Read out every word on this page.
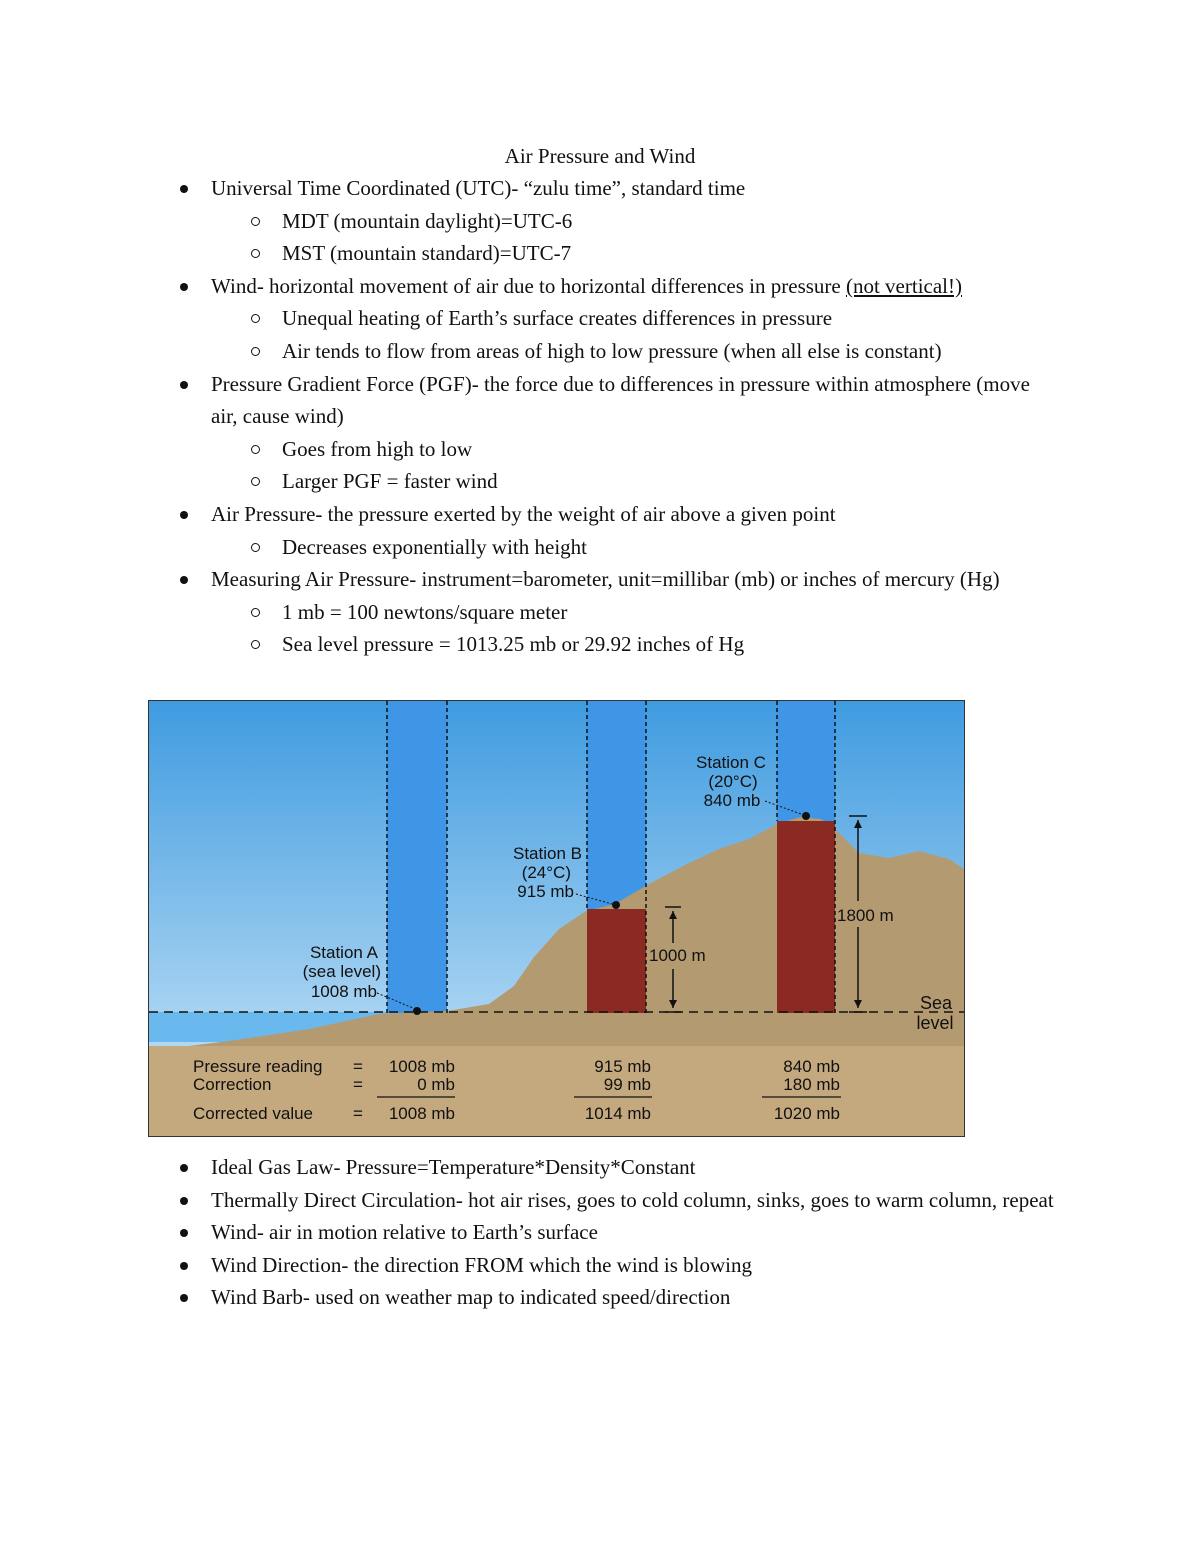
Air Pressure and Wind
Universal Time Coordinated (UTC)- “zulu time”, standard time
MDT (mountain daylight)=UTC-6
MST (mountain standard)=UTC-7
Wind- horizontal movement of air due to horizontal differences in pressure (not vertical!)
Unequal heating of Earth’s surface creates differences in pressure
Air tends to flow from areas of high to low pressure (when all else is constant)
Pressure Gradient Force (PGF)- the force due to differences in pressure within atmosphere (move air, cause wind)
Goes from high to low
Larger PGF = faster wind
Air Pressure- the pressure exerted by the weight of air above a given point
Decreases exponentially with height
Measuring Air Pressure- instrument=barometer, unit=millibar (mb) or inches of mercury (Hg)
1 mb = 100 newtons/square meter
Sea level pressure = 1013.25 mb or 29.92 inches of Hg
Station A
(sea level)
1008 mb
Station B
(24°C)
915 mb
Station C
(20°C)
840 mb
1000 m
1800 m
Sea
level
Pressure reading
Correction
Corrected value
=
=
=
1008 mb
0 mb
1008 mb
915 mb
99 mb
1014 mb
840 mb
180 mb
1020 mb
Ideal Gas Law- Pressure=Temperature*Density*Constant
Thermally Direct Circulation- hot air rises, goes to cold column, sinks, goes to warm column, repeat
Wind- air in motion relative to Earth’s surface
Wind Direction- the direction FROM which the wind is blowing
Wind Barb- used on weather map to indicated speed/direction
